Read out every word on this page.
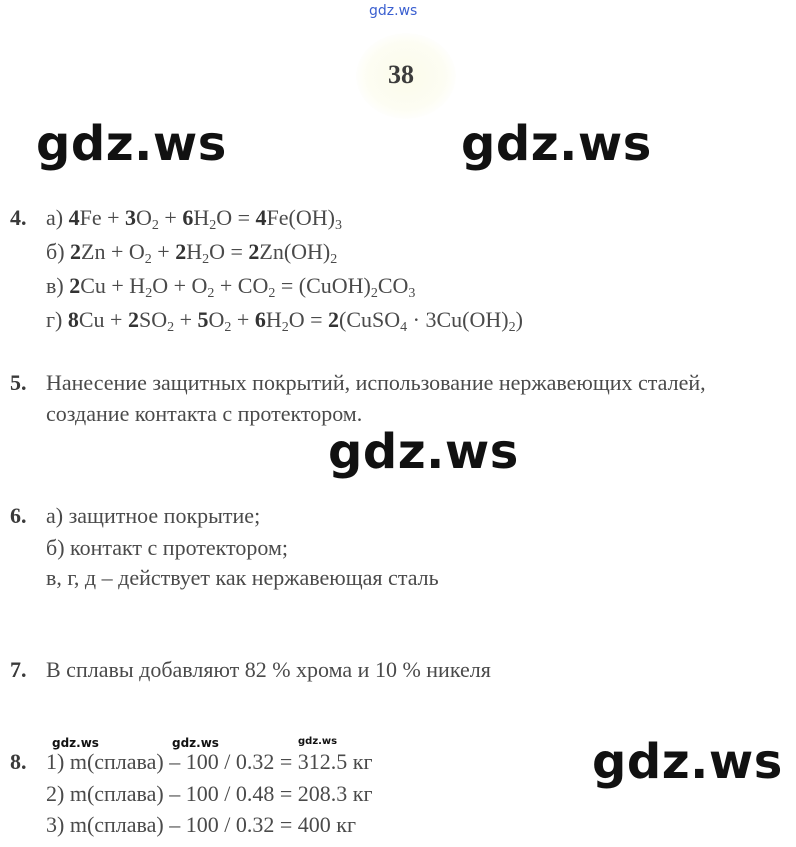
gdz.ws
38
gdz.ws	gdz.ws
4. а) $4Fe + 3O_2 + 6H_2O = 4Fe(OH)_3$
б) $2Zn + O_2 + 2H_2O = 2Zn(OH)_2$
в) $2Cu + H_2O + O_2 + CO_2$ = $(CuOH)_2CO_3$
г) $8Cu + 2SO_2 + 5O_2 + 6H_2O$ = 2(CuSO$_4$ · $3Cu(OH)_2$)
5. Нанесение защитных покрытий, использование нержавеющих сталей,
создание контакта с протектором.
gdz.ws
6. а) защитное покрытие;
б) контакт с протектором;
в, г, д – действует как нержавеющая сталь
7. В сплавы добавляют 82 % хрома и 10 % никеля
gdz.ws	gdz.ws	gdz.ws
8. 1) m(сплава) – 100 / 0.32 = 312.5 кг
2) m(сплава) – 100 / 0.48 = 208.3 кг
3) m(сплава) – 100 / 0.32 = 400 кг
gdz.ws
